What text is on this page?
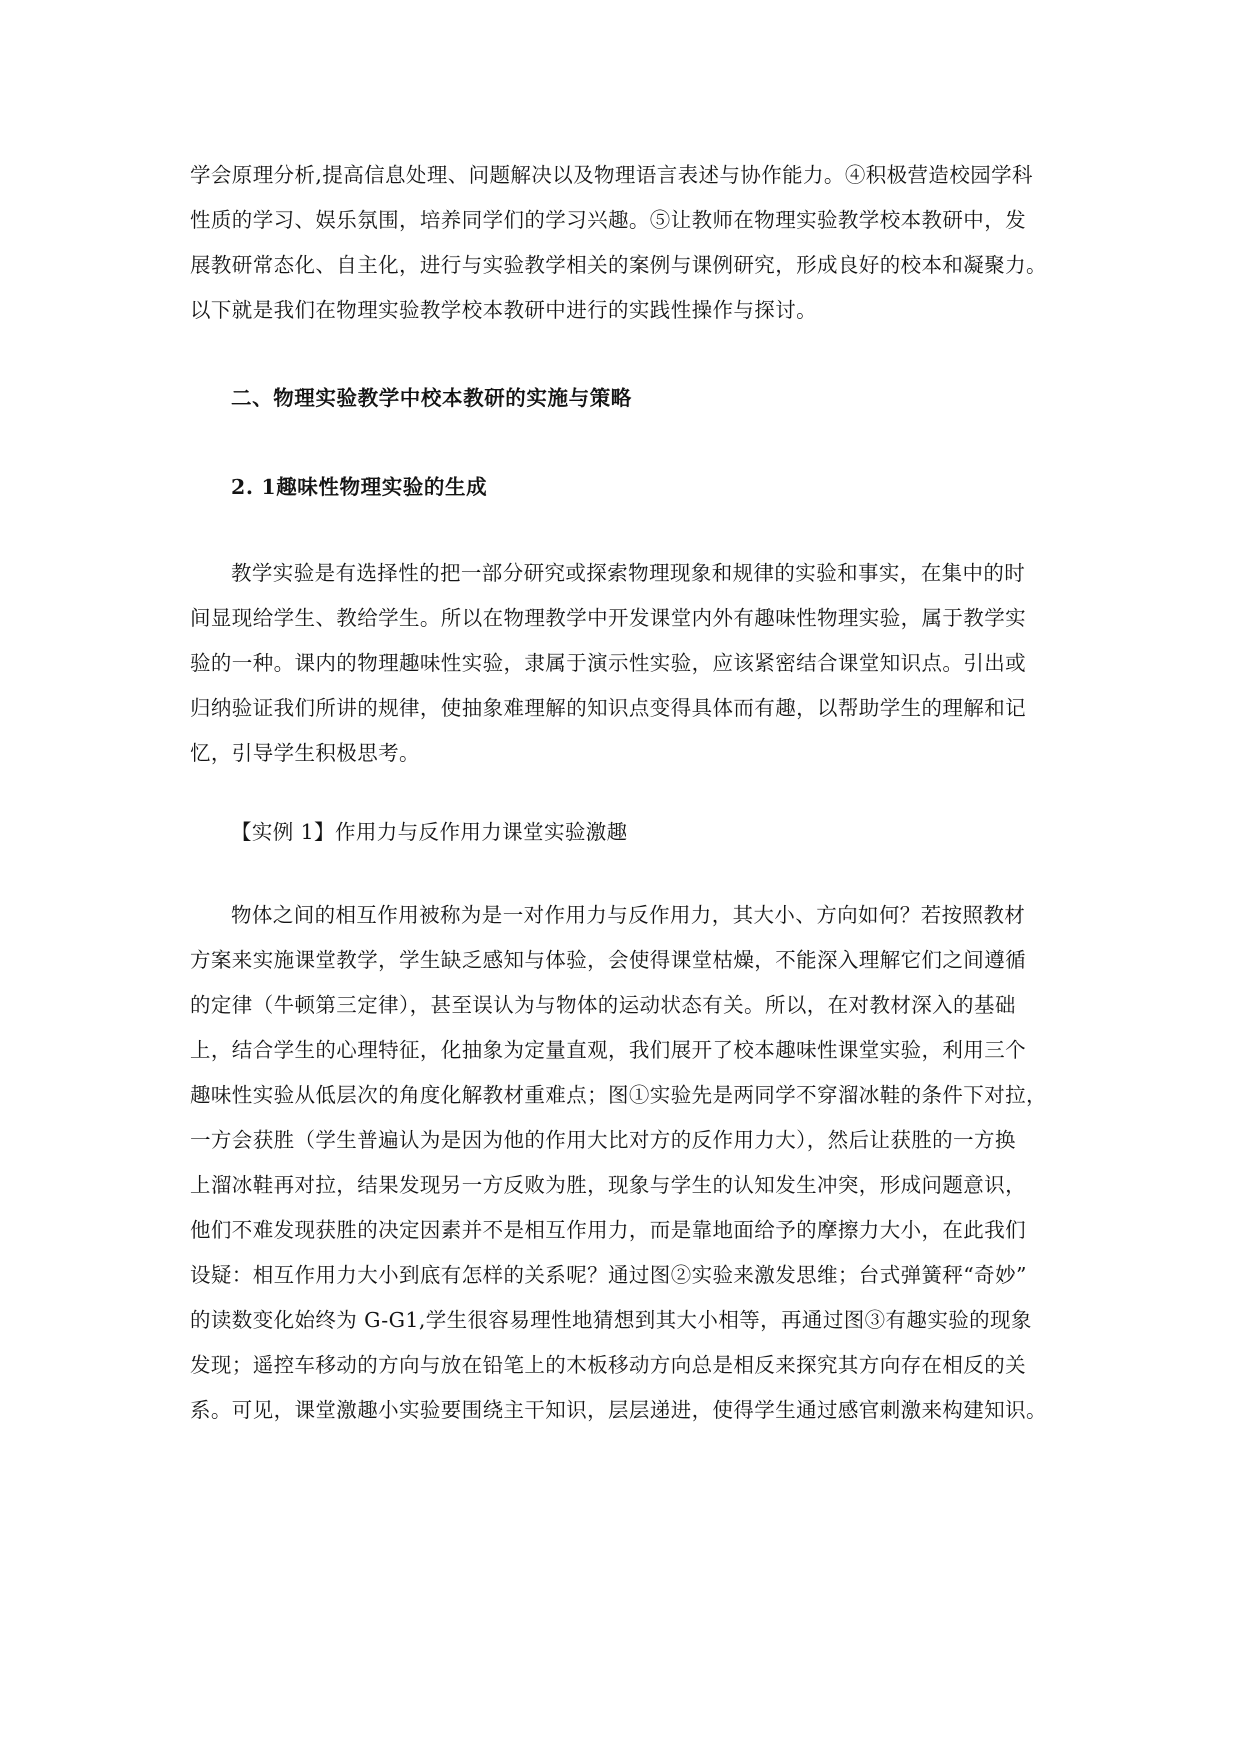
学会原理分析,提高信息处理、问题解决以及物理语言表述与协作能力。④积极营造校园学科
性质的学习、娱乐氛围，培养同学们的学习兴趣。⑤让教师在物理实验教学校本教研中，发
展教研常态化、自主化，进行与实验教学相关的案例与课例研究，形成良好的校本和凝聚力。
以下就是我们在物理实验教学校本教研中进行的实践性操作与探讨。
二、物理实验教学中校本教研的实施与策略
2. 1趣味性物理实验的生成
教学实验是有选择性的把一部分研究或探索物理现象和规律的实验和事实，在集中的时
间显现给学生、教给学生。所以在物理教学中开发课堂内外有趣味性物理实验，属于教学实
验的一种。课内的物理趣味性实验，隶属于演示性实验，应该紧密结合课堂知识点。引出或
归纳验证我们所讲的规律，使抽象难理解的知识点变得具体而有趣，以帮助学生的理解和记
忆，引导学生积极思考。
【实例 1】作用力与反作用力课堂实验激趣
物体之间的相互作用被称为是一对作用力与反作用力，其大小、方向如何？若按照教材
方案来实施课堂教学，学生缺乏感知与体验，会使得课堂枯燥，不能深入理解它们之间遵循
的定律（牛顿第三定律），甚至误认为与物体的运动状态有关。所以，在对教材深入的基础
上，结合学生的心理特征，化抽象为定量直观，我们展开了校本趣味性课堂实验，利用三个
趣味性实验从低层次的角度化解教材重难点；图①实验先是两同学不穿溜冰鞋的条件下对拉，
一方会获胜（学生普遍认为是因为他的作用大比对方的反作用力大），然后让获胜的一方换
上溜冰鞋再对拉，结果发现另一方反败为胜，现象与学生的认知发生冲突，形成问题意识，
他们不难发现获胜的决定因素并不是相互作用力，而是靠地面给予的摩擦力大小，在此我们
设疑：相互作用力大小到底有怎样的关系呢？通过图②实验来激发思维；台式弹簧秤“奇妙”
的读数变化始终为 G-G1,学生很容易理性地猜想到其大小相等，再通过图③有趣实验的现象
发现；遥控车移动的方向与放在铅笔上的木板移动方向总是相反来探究其方向存在相反的关
系。可见，课堂激趣小实验要围绕主干知识，层层递进，使得学生通过感官刺激来构建知识。
